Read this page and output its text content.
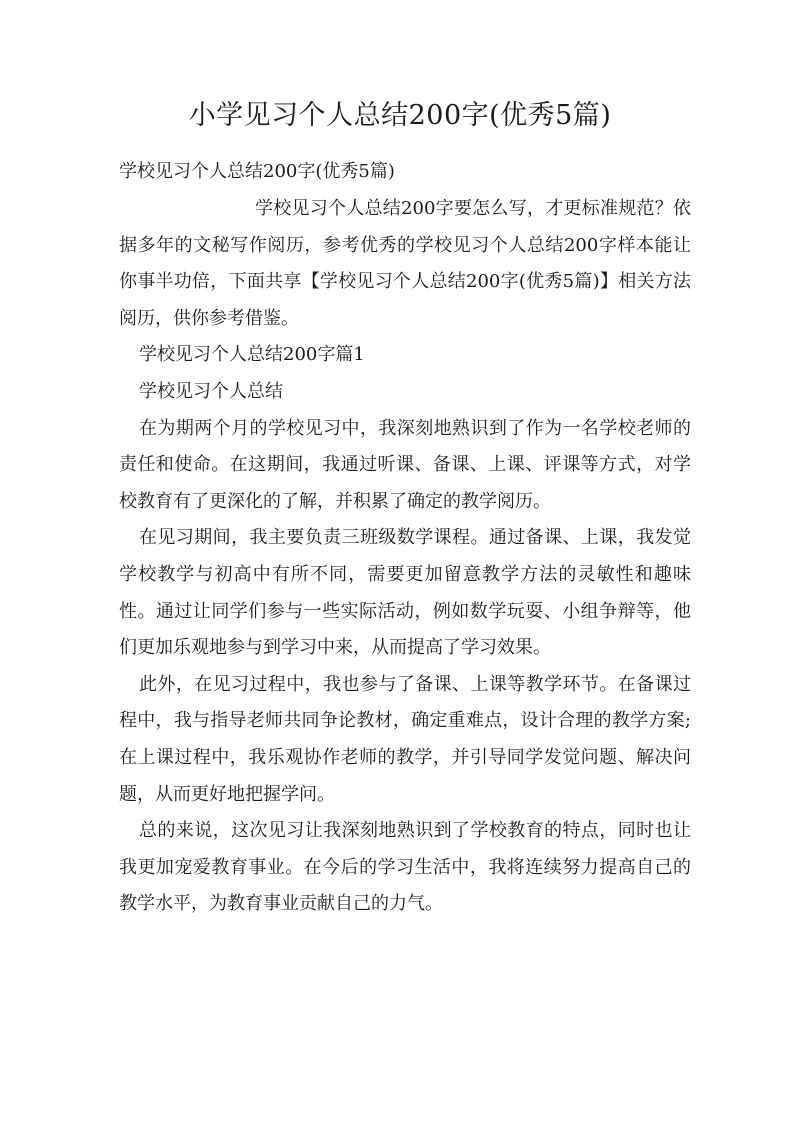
小学见习个人总结200字(优秀5篇)
学校见习个人总结200字(优秀5篇)

学校见习个人总结200字要怎么写，才更标准规范？依据多年的文秘写作阅历，参考优秀的学校见习个人总结200字样本能让你事半功倍，下面共享【学校见习个人总结200字(优秀5篇)】相关方法阅历，供你参考借鉴。

学校见习个人总结200字篇1

学校见习个人总结

在为期两个月的学校见习中，我深刻地熟识到了作为一名学校老师的责任和使命。在这期间，我通过听课、备课、上课、评课等方式，对学校教育有了更深化的了解，并积累了确定的教学阅历。

在见习期间，我主要负责三班级数学课程。通过备课、上课，我发觉学校教学与初高中有所不同，需要更加留意教学方法的灵敏性和趣味性。通过让同学们参与一些实际活动，例如数学玩耍、小组争辩等，他们更加乐观地参与到学习中来，从而提高了学习效果。

此外，在见习过程中，我也参与了备课、上课等教学环节。在备课过程中，我与指导老师共同争论教材，确定重难点，设计合理的教学方案;在上课过程中，我乐观协作老师的教学，并引导同学发觉问题、解决问题，从而更好地把握学问。

总的来说，这次见习让我深刻地熟识到了学校教育的特点，同时也让我更加宠爱教育事业。在今后的学习生活中，我将连续努力提高自己的教学水平，为教育事业贡献自己的力气。
